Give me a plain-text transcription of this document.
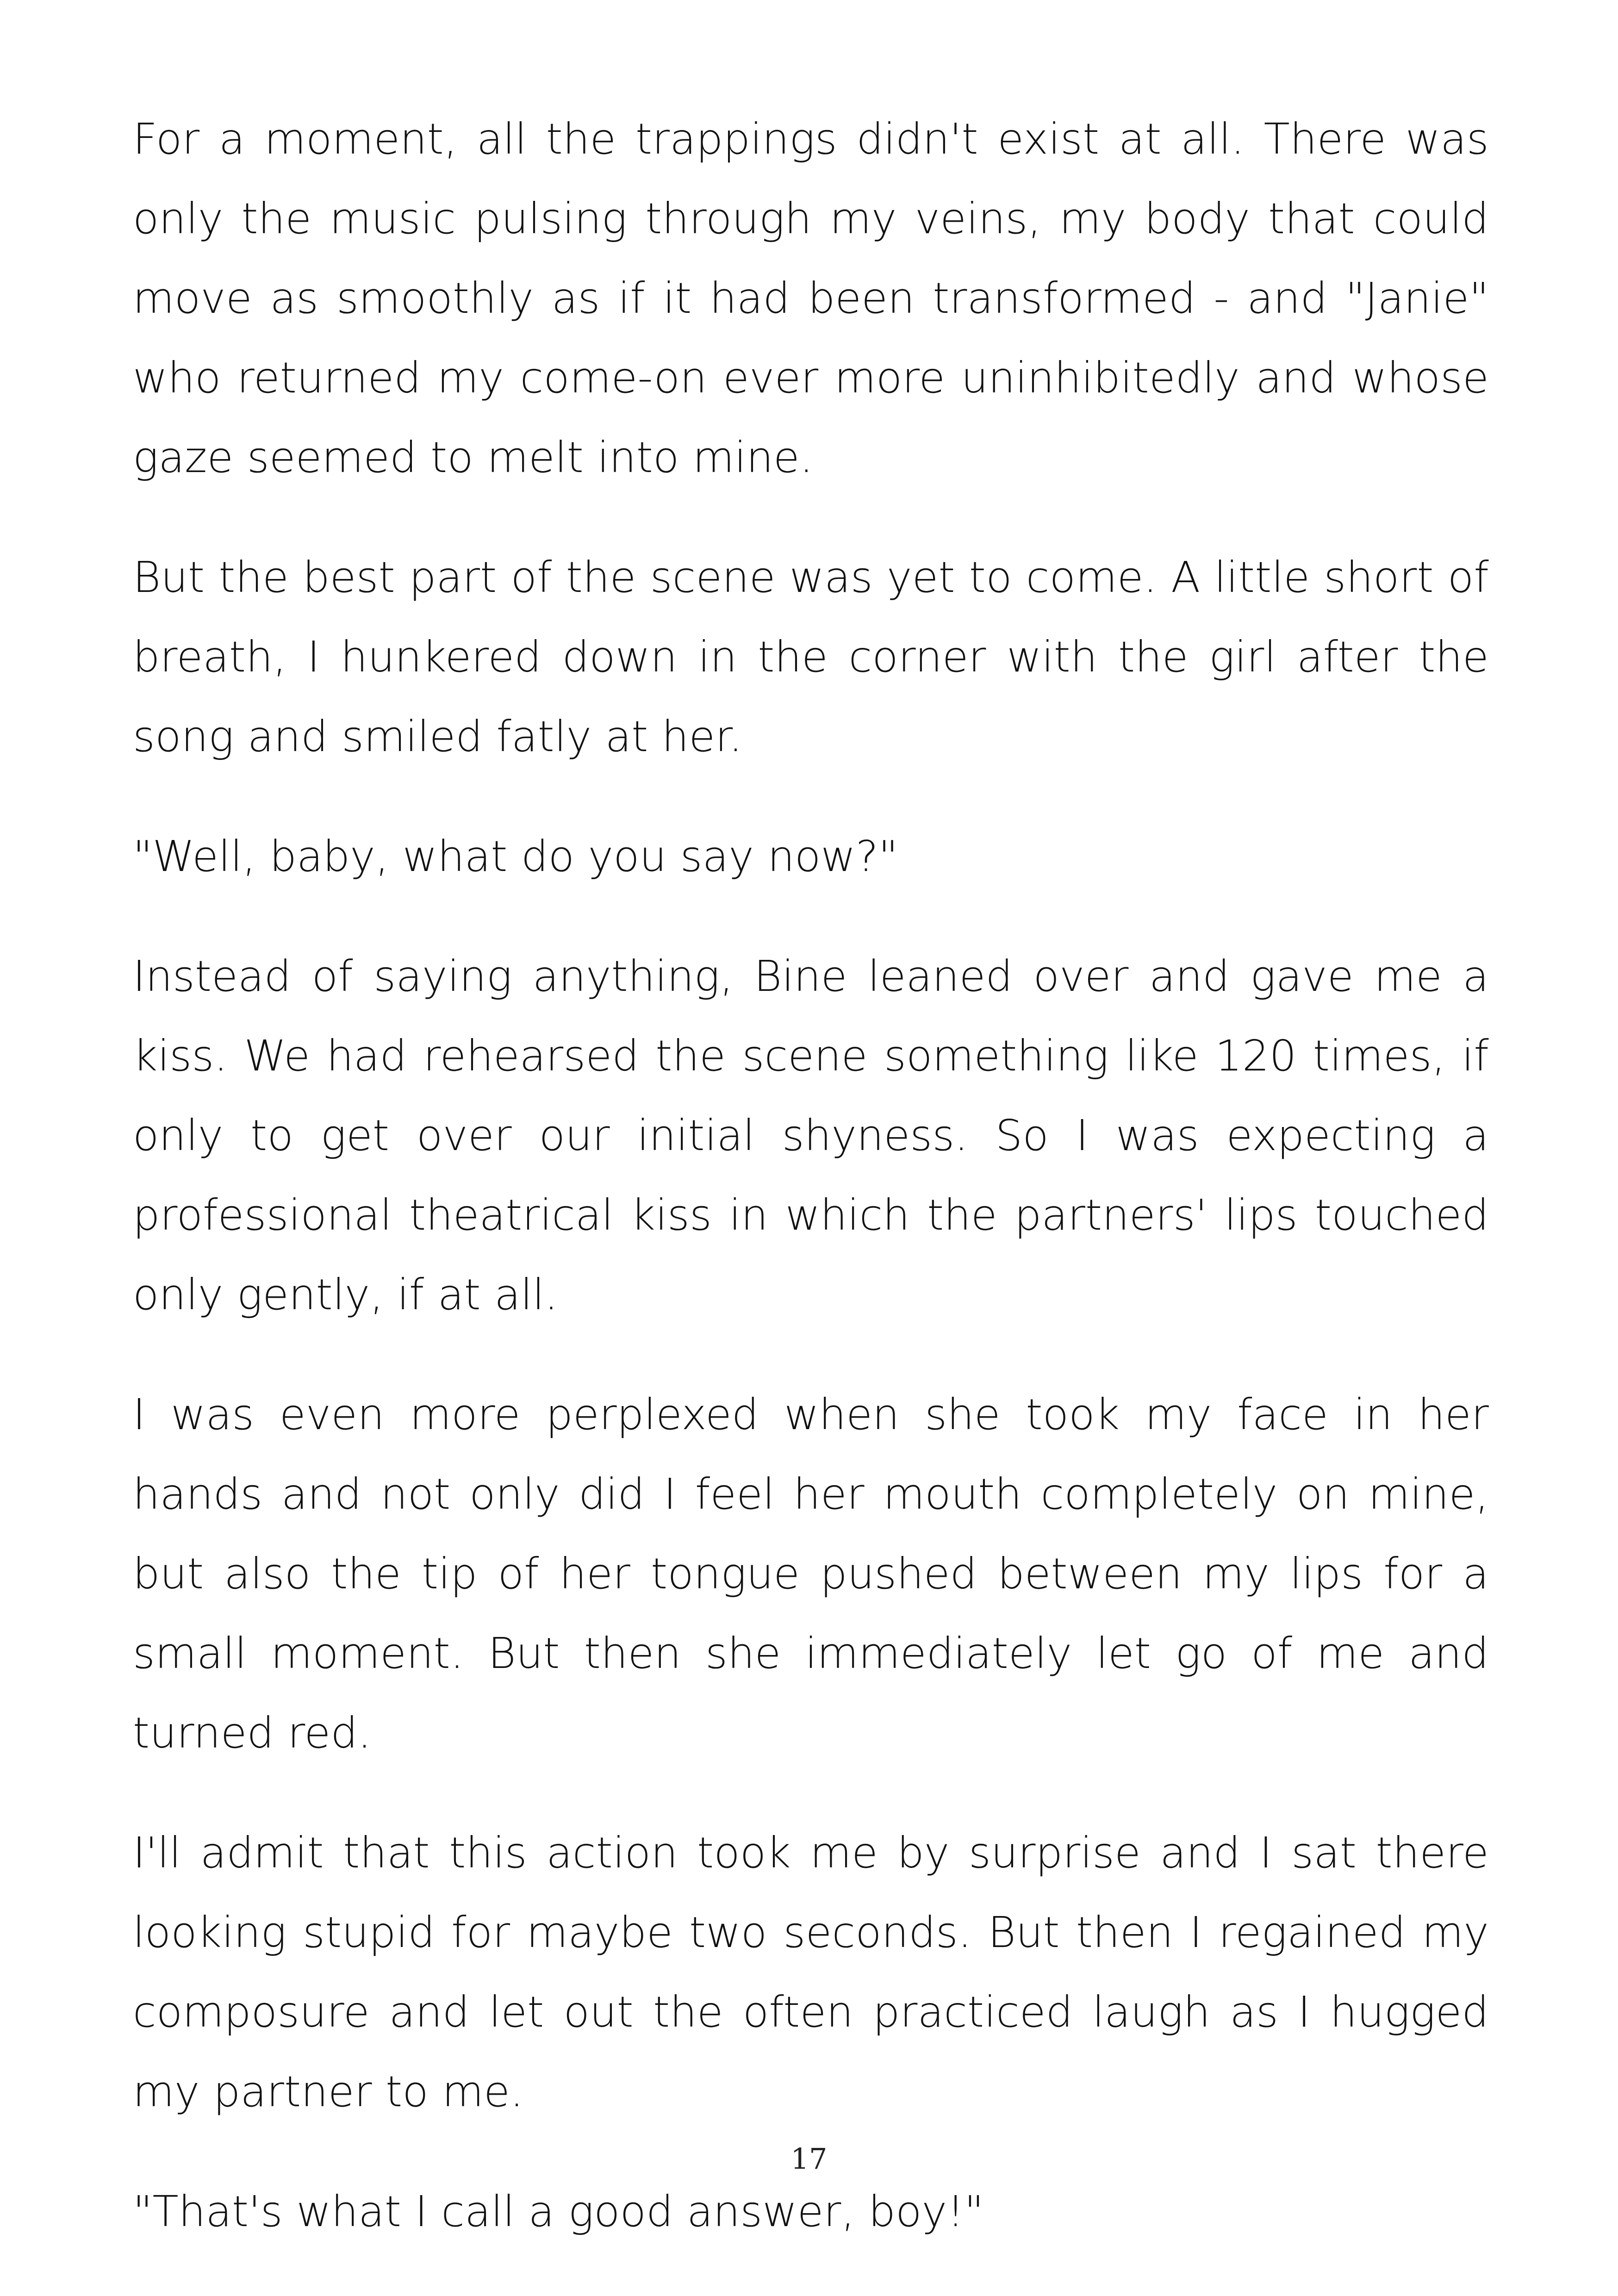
For a moment, all the trappings didn't exist at all. There was only the music pulsing through my veins, my body that could move as smoothly as if it had been transformed - and "Janie" who returned my come-on ever more uninhibitedly and whose gaze seemed to melt into mine.

But the best part of the scene was yet to come. A little short of breath, I hunkered down in the corner with the girl after the song and smiled fatly at her.

"Well, baby, what do you say now?"

Instead of saying anything, Bine leaned over and gave me a kiss. We had rehearsed the scene something like 120 times, if only to get over our initial shyness. So I was expecting a professional theatrical kiss in which the partners' lips touched only gently, if at all.

I was even more perplexed when she took my face in her hands and not only did I feel her mouth completely on mine, but also the tip of her tongue pushed between my lips for a small moment. But then she immediately let go of me and turned red.

I'll admit that this action took me by surprise and I sat there looking stupid for maybe two seconds. But then I regained my composure and let out the often practiced laugh as I hugged my partner to me.

"That's what I call a good answer, boy!"

17
